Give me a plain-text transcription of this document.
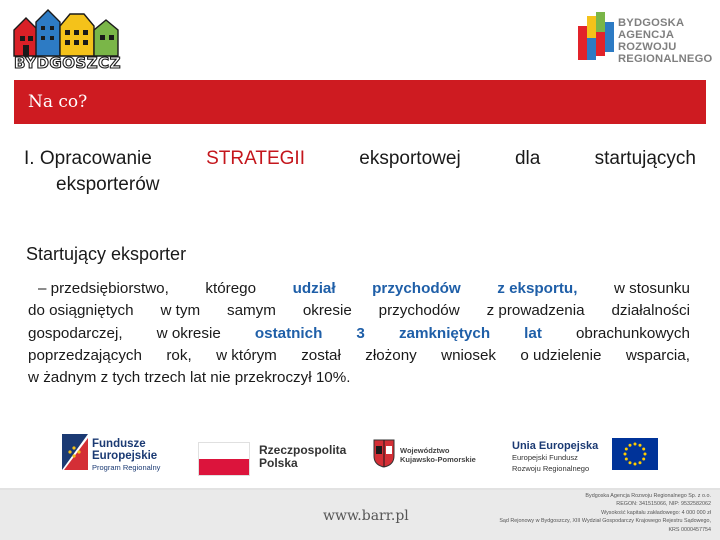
BYDGOSZCZ
BYDGOSKA
AGENCJA
ROZWOJU
REGIONALNEGO
Na co?
I. Opracowanie	STRATEGII	eksportowej	dla	startujących
eksporterów
Startujący eksporter
– przedsiębiorstwo, którego udział przychodów z eksportu, w stosunku
do osiągniętych w tym samym okresie przychodów z prowadzenia działalności
gospodarczej, w okresie ostatnich 3 zamkniętych lat obrachunkowych
poprzedzających rok, w którym został złożony wniosek o udzielenie wsparcia,
w żadnym z tych trzech lat nie przekroczył 10%.
Fundusze
Europejskie
Program Regionalny
Rzeczpospolita
Polska
Województwo
Kujawsko-Pomorskie
Unia Europejska
Europejski Fundusz
Rozwoju Regionalnego
www.barr.pl
Bydgoska Agencja Rozwoju Regionalnego Sp. z o.o.
REGON: 341515066, NIP: 9532582062
Wysokość kapitału zakładowego: 4 000 000 zł
Sąd Rejonowy w Bydgoszczy, XIII Wydział Gospodarczy Krajowego Rejestru Sądowego,
KRS 0000457754
